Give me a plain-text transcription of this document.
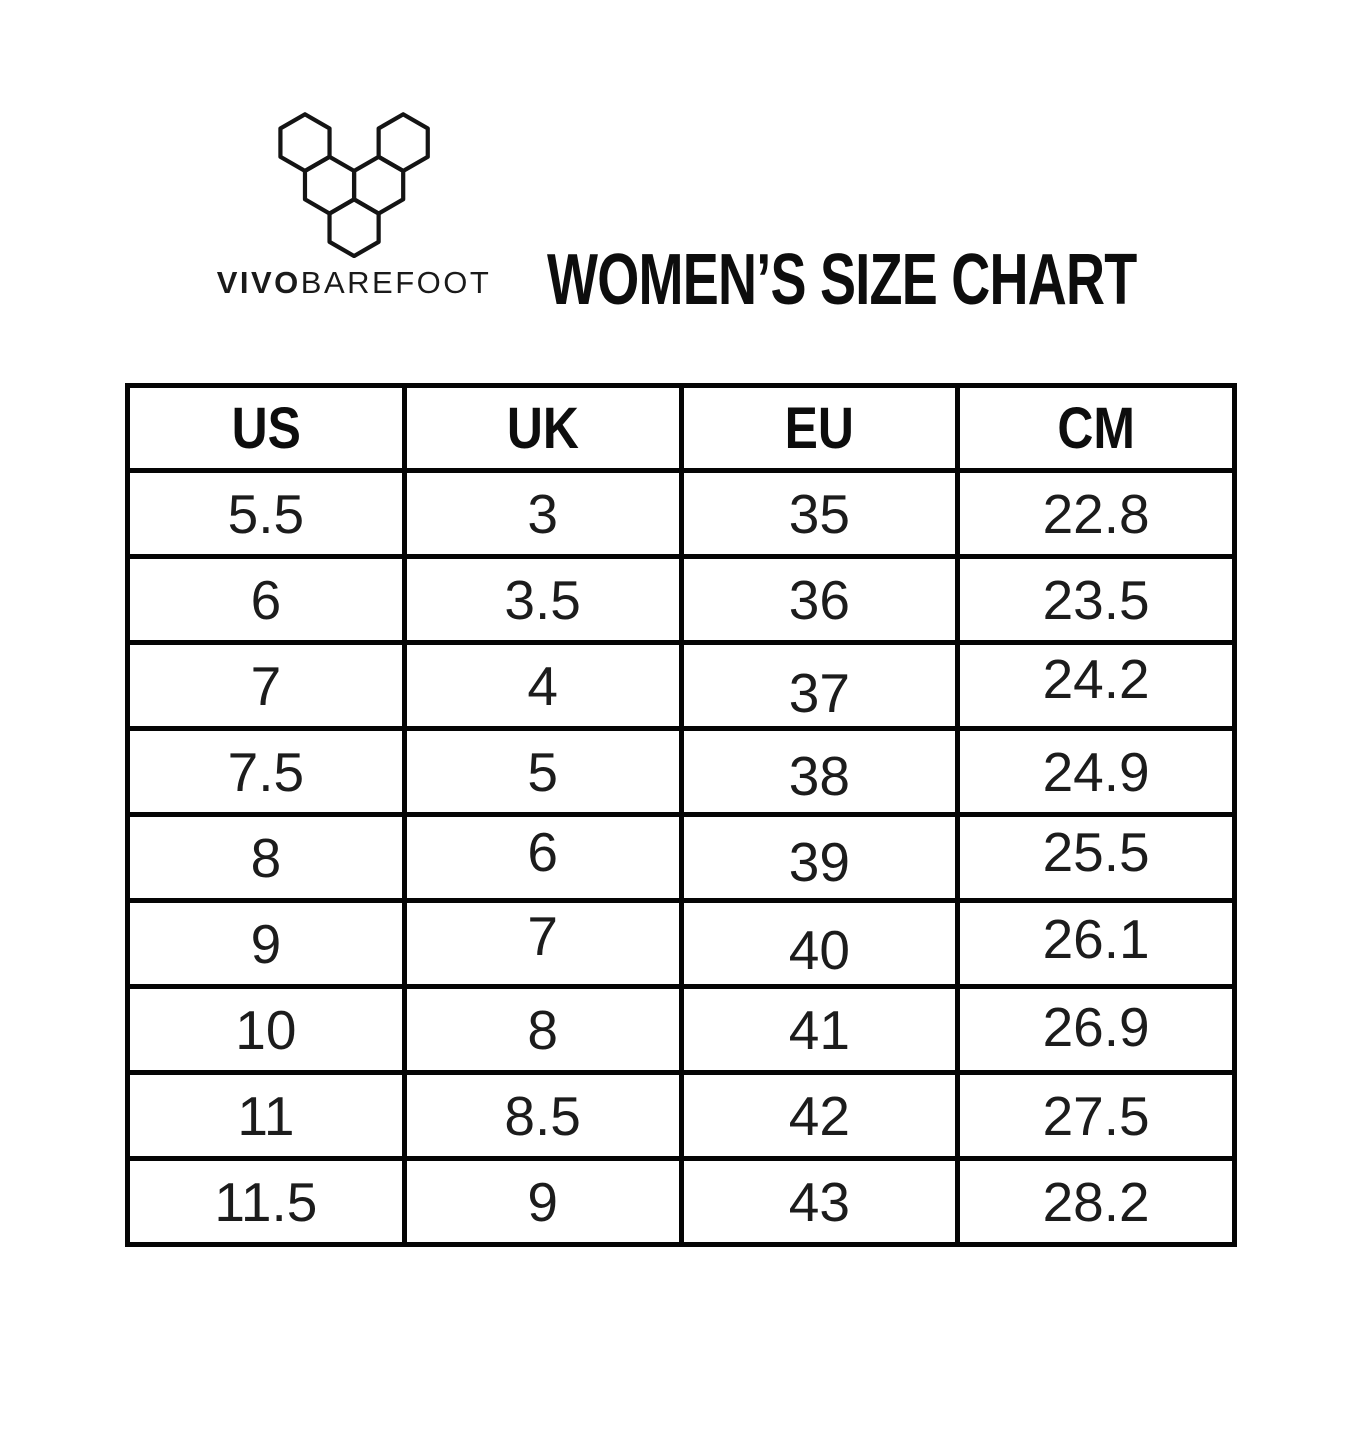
VIVOBAREFOOT WOMEN’S SIZE CHART
US	UK	EU	CM
5.5	3	35	22.8
6	3.5	36	23.5
7	4	37	24.2
7.5	5	38	24.9
8	6	39	25.5
9	7	40	26.1
10	8	41	26.9
11	8.5	42	27.5
11.5	9	43	28.2
